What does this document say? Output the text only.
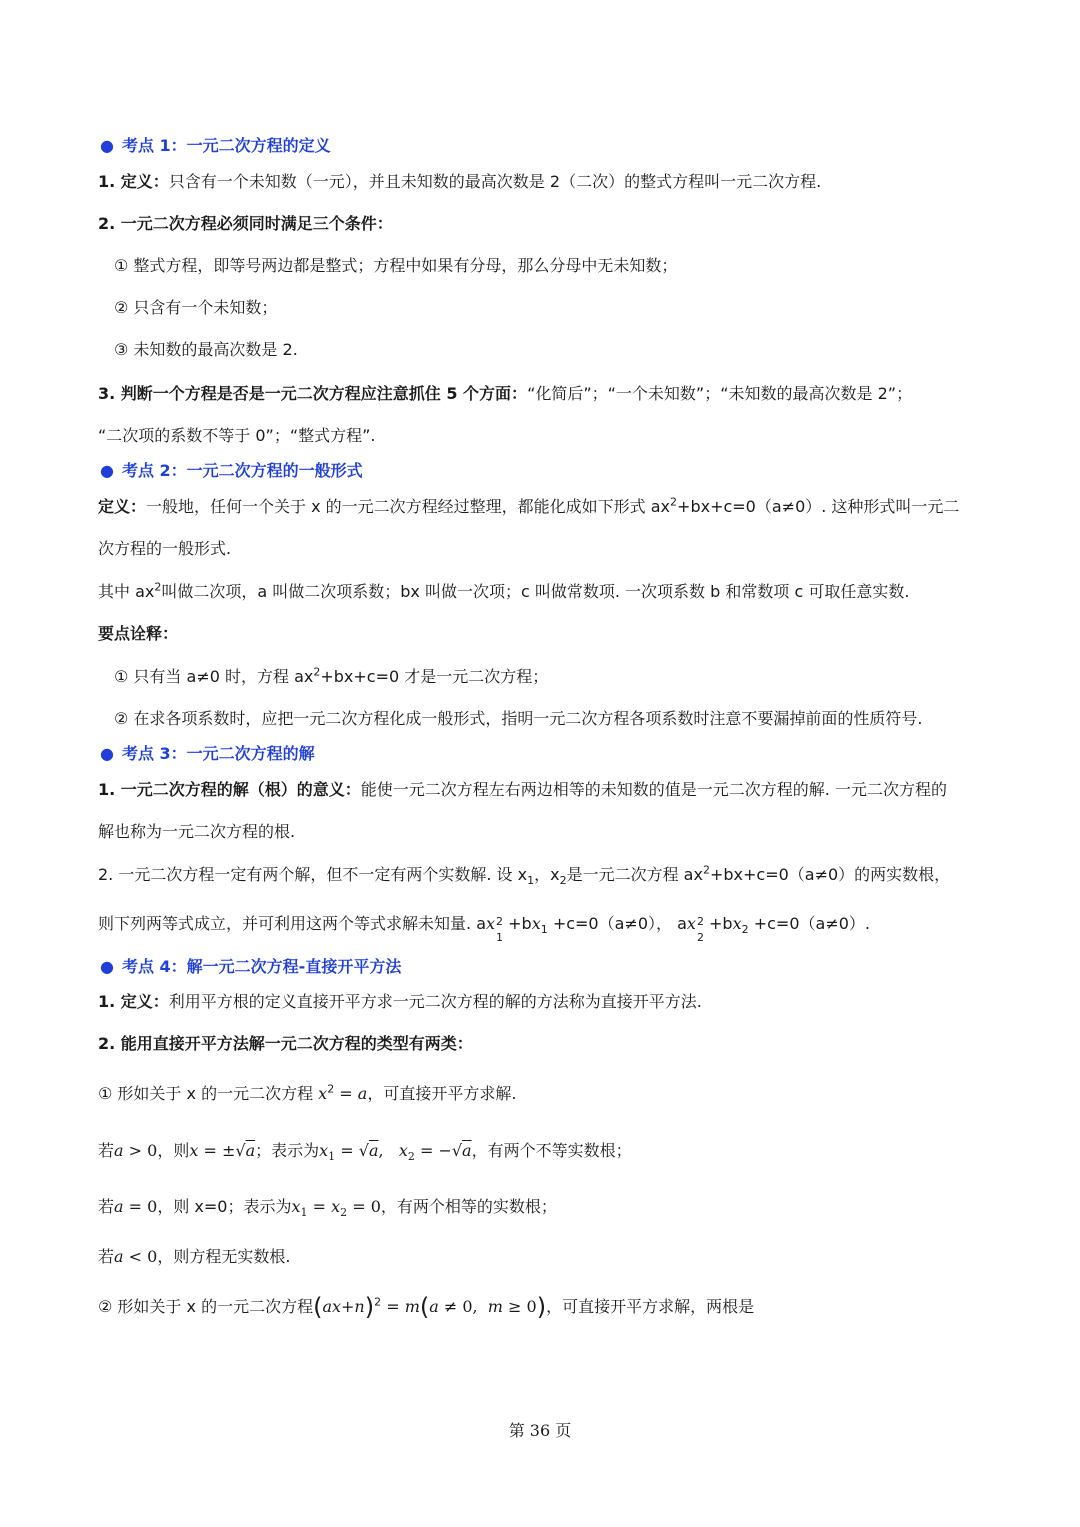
● 考点 1：一元二次方程的定义
1. 定义：只含有一个未知数（一元），并且未知数的最高次数是 2（二次）的整式方程叫一元二次方程.
2. 一元二次方程必须同时满足三个条件：
① 整式方程，即等号两边都是整式；方程中如果有分母，那么分母中无未知数；
② 只含有一个未知数；
③ 未知数的最高次数是 2.
3. 判断一个方程是否是一元二次方程应注意抓住 5 个方面：“化简后”；“一个未知数”；“未知数的最高次数是 2”；
“二次项的系数不等于 0”；“整式方程”.
● 考点 2：一元二次方程的一般形式
定义：一般地，任何一个关于 x 的一元二次方程经过整理，都能化成如下形式 $ax^2+bx+c=0(a\ne 0)$. 这种形式叫一元二
次方程的一般形式.
其中 $ax^2$叫做二次项，a 叫做二次项系数；bx 叫做一次项；c 叫做常数项. 一次项系数 b 和常数项 c 可取任意实数.
要点诠释：
① 只有当 a≠0 时，方程 $ax^2+bx+c=0$ 才是一元二次方程；
② 在求各项系数时，应把一元二次方程化成一般形式，指明一元二次方程各项系数时注意不要漏掉前面的性质符号.
● 考点 3：一元二次方程的解
1. 一元二次方程的解（根）的意义：能使一元二次方程左右两边相等的未知数的值是一元二次方程的解. 一元二次方程的
解也称为一元二次方程的根.
2. 一元二次方程一定有两个解，但不一定有两个实数解. 设 $x_1$，$x_2$是一元二次方程 $ax^2+bx+c=0(a\ne 0)$的两实数根，
则下列两等式成立，并可利用这两个等式求解未知量. ax 2
1
$+bx_1 +c=0(a\ne 0)$， ax 2
2
$+bx_2 +c=0(a\ne 0)$.
● 考点 4：解一元二次方程-直接开平方法
1. 定义：利用平方根的定义直接开平方求一元二次方程的解的方法称为直接开平方法.
2. 能用直接开平方法解一元二次方程的类型有两类：
① 形如关于 x 的一元二次方程 $x^2 = a$，可直接开平方求解.
若a > 0，则x = ±√a；表示为$x_1 = √a$,   $x_2 = -√a$，有两个不等实数根；
若a = 0，则 x=0；表示为$x_1 = x_2 = 0$，有两个相等的实数根；
若a < 0，则方程无实数根.
② 形如关于 x 的一元二次方程$(ax+n)^2 = m(a \ne 0$,  m ≥ 0)，可直接开平方求解，两根是
第 36 页
